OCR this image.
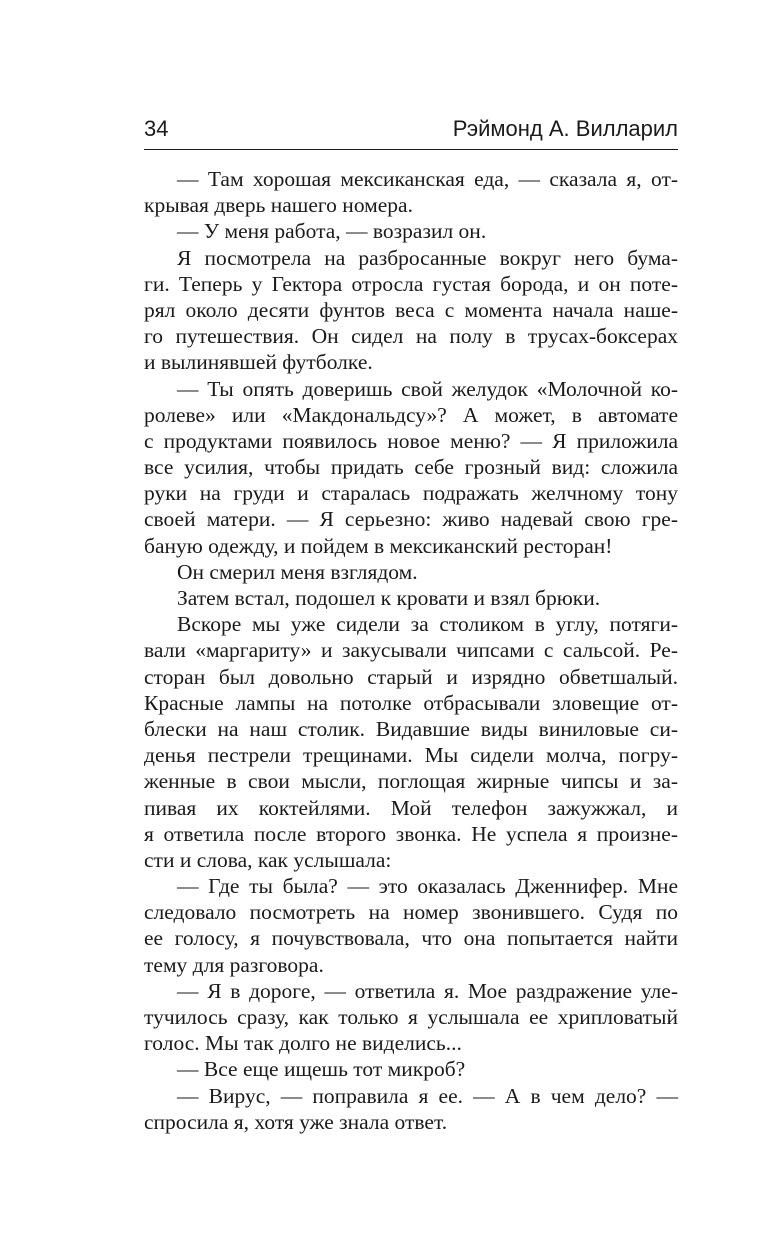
34	Рэймонд А. Вилларил
— Там хорошая мексиканская еда, — сказала я, от-
крывая дверь нашего номера.
— У меня работа, — возразил он.
Я посмотрела на разбросанные вокруг него бума-
ги. Теперь у Гектора отросла густая борода, и он поте-
рял около десяти фунтов веса с момента начала наше-
го путешествия. Он сидел на полу в трусах-боксерах
и вылинявшей футболке.
— Ты опять доверишь свой желудок «Молочной ко-
ролеве» или «Макдональдсу»? А может, в автомате
с продуктами появилось новое меню? — Я приложила
все усилия, чтобы придать себе грозный вид: сложила
руки на груди и старалась подражать желчному тону
своей матери. — Я серьезно: живо надевай свою гре-
баную одежду, и пойдем в мексиканский ресторан!
Он смерил меня взглядом.
Затем встал, подошел к кровати и взял брюки.
Вскоре мы уже сидели за столиком в углу, потяги-
вали «маргариту» и закусывали чипсами с сальсой. Ре-
сторан был довольно старый и изрядно обветшалый.
Красные лампы на потолке отбрасывали зловещие от-
блески на наш столик. Видавшие виды виниловые си-
денья пестрели трещинами. Мы сидели молча, погру-
женные в свои мысли, поглощая жирные чипсы и за-
пивая их коктейлями. Мой телефон зажужжал, и
я ответила после второго звонка. Не успела я произне-
сти и слова, как услышала:
— Где ты была? — это оказалась Дженнифер. Мне
следовало посмотреть на номер звонившего. Судя по
ее голосу, я почувствовала, что она попытается найти
тему для разговора.
— Я в дороге, — ответила я. Мое раздражение уле-
тучилось сразу, как только я услышала ее хрипловатый
голос. Мы так долго не виделись...
— Все еще ищешь тот микроб?
— Вирус, — поправила я ее. — А в чем дело? —
спросила я, хотя уже знала ответ.
